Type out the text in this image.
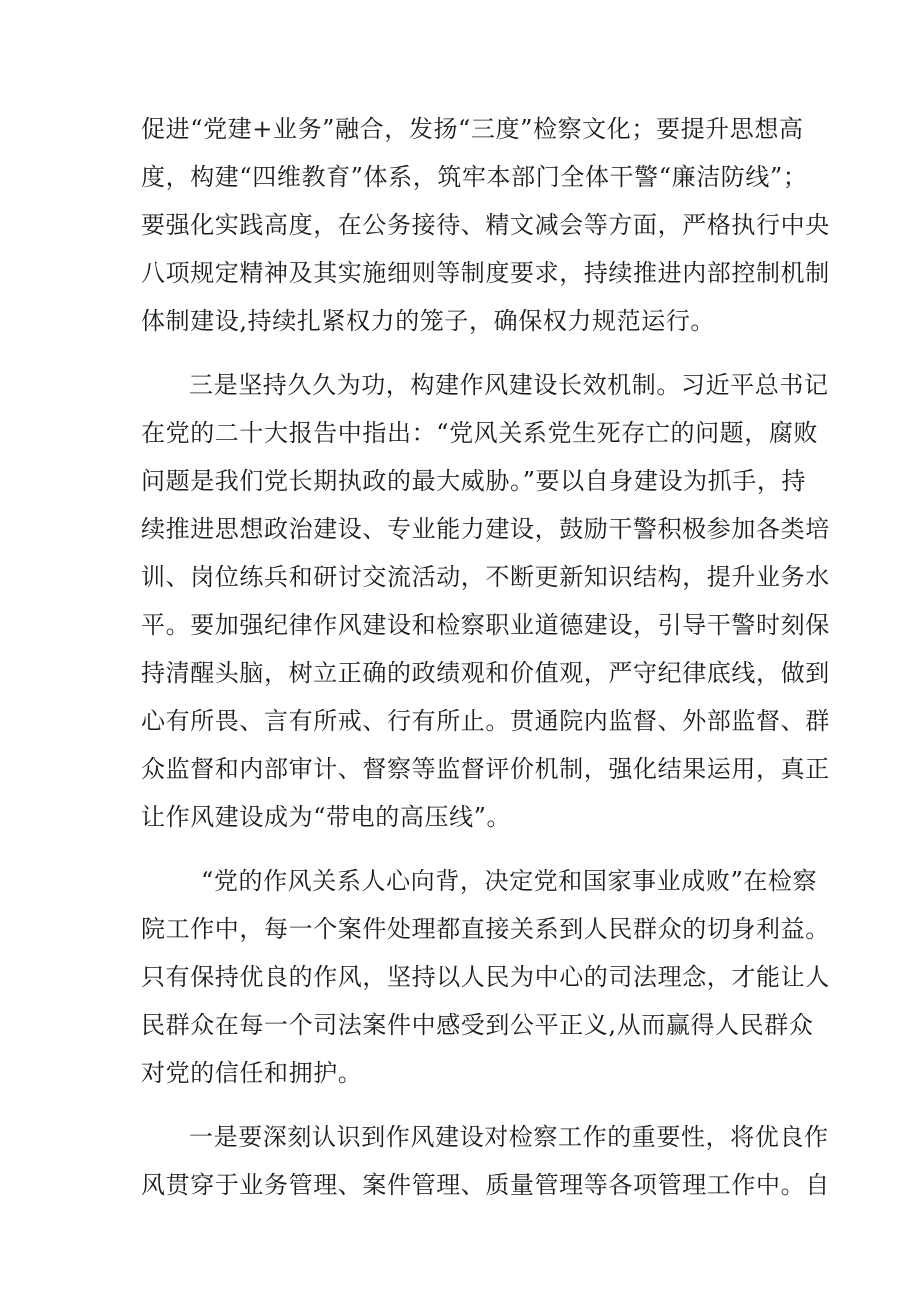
促进“党建+业务”融合，发扬“三度”检察文化；要提升思想高
度，构建“四维教育”体系，筑牢本部门全体干警“廉洁防线”；
要强化实践高度，在公务接待、精文减会等方面，严格执行中央
八项规定精神及其实施细则等制度要求，持续推进内部控制机制
体制建设,持续扎紧权力的笼子，确保权力规范运行。
三是坚持久久为功，构建作风建设长效机制。习近平总书记
在党的二十大报告中指出：“党风关系党生死存亡的问题，腐败
问题是我们党长期执政的最大威胁。”要以自身建设为抓手，持
续推进思想政治建设、专业能力建设，鼓励干警积极参加各类培
训、岗位练兵和研讨交流活动，不断更新知识结构，提升业务水
平。要加强纪律作风建设和检察职业道德建设，引导干警时刻保
持清醒头脑，树立正确的政绩观和价值观，严守纪律底线，做到
心有所畏、言有所戒、行有所止。贯通院内监督、外部监督、群
众监督和内部审计、督察等监督评价机制，强化结果运用，真正
让作风建设成为“带电的高压线”。
“党的作风关系人心向背，决定党和国家事业成败”在检察
院工作中，每一个案件处理都直接关系到人民群众的切身利益。
只有保持优良的作风，坚持以人民为中心的司法理念，才能让人
民群众在每一个司法案件中感受到公平正义,从而赢得人民群众
对党的信任和拥护。
一是要深刻认识到作风建设对检察工作的重要性，将优良作
风贯穿于业务管理、案件管理、质量管理等各项管理工作中。自
